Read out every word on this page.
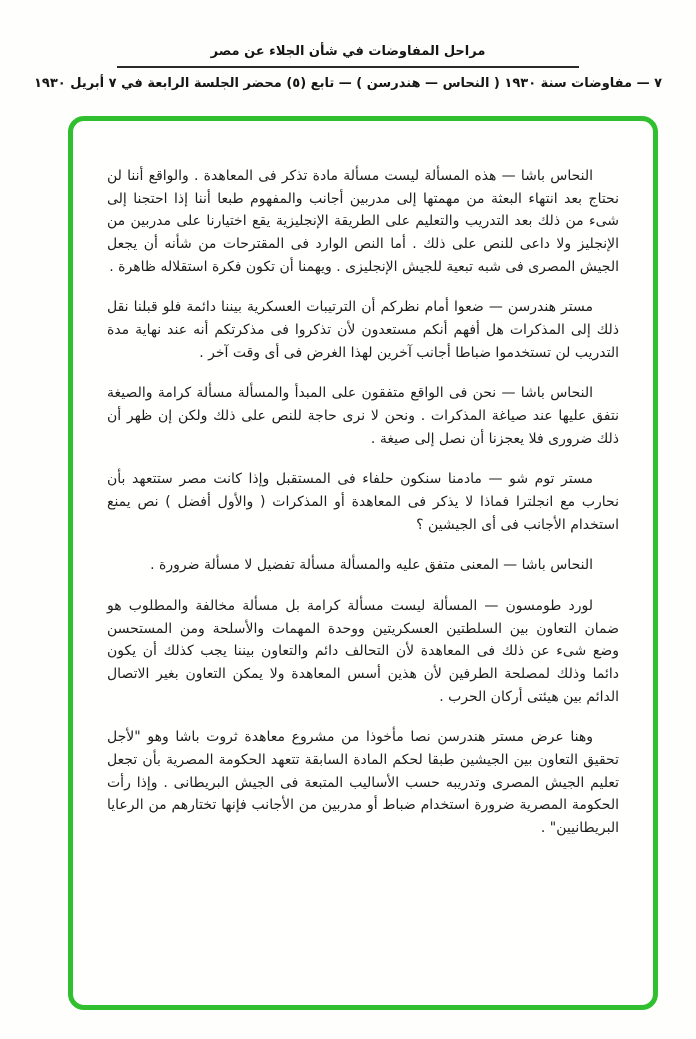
مراحل المفاوضات في شأن الجلاء عن مصر
٧ — مفاوضات سنة ١٩٣٠ ( النحاس — هندرسن ) — تابع (٥) محضر الجلسة الرابعة في ٧ أبريل ١٩٣٠

النحاس باشا — هذه المسألة ليست مسألة مادة تذكر فى المعاهدة . والواقع أننا لن نحتاج بعد انتهاء البعثة من مهمتها إلى مدربين أجانب والمفهوم طبعا أننا إذا احتجنا إلى شىء من ذلك بعد التدريب والتعليم على الطريقة الإنجليزية يقع اختيارنا على مدربين من الإنجليز ولا داعى للنص على ذلك . أما النص الوارد فى المقترحات من شأنه أن يجعل الجيش المصرى فى شبه تبعية للجيش الإنجليزى . ويهمنا أن تكون فكرة استقلاله ظاهرة .

مستر هندرسن — ضعوا أمام نظركم أن الترتيبات العسكرية بيننا دائمة فلو قبلنا نقل ذلك إلى المذكرات هل أفهم أنكم مستعدون لأن تذكروا فى مذكرتكم أنه عند نهاية مدة التدريب لن تستخدموا ضباطا أجانب آخرين لهذا الغرض فى أى وقت آخر .

النحاس باشا — نحن فى الواقع متفقون على المبدأ والمسألة مسألة كرامة والصيغة نتفق عليها عند صياغة المذكرات . ونحن لا نرى حاجة للنص على ذلك ولكن إن ظهر أن ذلك ضرورى فلا يعجزنا أن نصل إلى صيغة .

مستر توم شو — مادمنا سنكون حلفاء فى المستقبل وإذا كانت مصر ستتعهد بأن نحارب مع انجلترا فماذا لا يذكر فى المعاهدة أو المذكرات ( والأول أفضل ) نص يمنع استخدام الأجانب فى أى الجيشين ؟

النحاس باشا — المعنى متفق عليه والمسألة مسألة تفضيل لا مسألة ضرورة .

لورد طومسون — المسألة ليست مسألة كرامة بل مسألة مخالفة والمطلوب هو ضمان التعاون بين السلطتين العسكريتين ووحدة المهمات والأسلحة ومن المستحسن وضع شىء عن ذلك فى المعاهدة لأن التحالف دائم والتعاون بيننا يجب كذلك أن يكون دائما وذلك لمصلحة الطرفين لأن هذين أسس المعاهدة ولا يمكن التعاون بغير الاتصال الدائم بين هيئتى أركان الحرب .

وهنا عرض مستر هندرسن نصا مأخوذا من مشروع معاهدة ثروت باشا وهو "لأجل تحقيق التعاون بين الجيشين طبقا لحكم المادة السابقة تتعهد الحكومة المصرية بأن تجعل تعليم الجيش المصرى وتدريبه حسب الأساليب المتبعة فى الجيش البريطانى . وإذا رأت الحكومة المصرية ضرورة استخدام ضباط أو مدربين من الأجانب فإنها تختارهم من الرعايا البريطانيين" .
